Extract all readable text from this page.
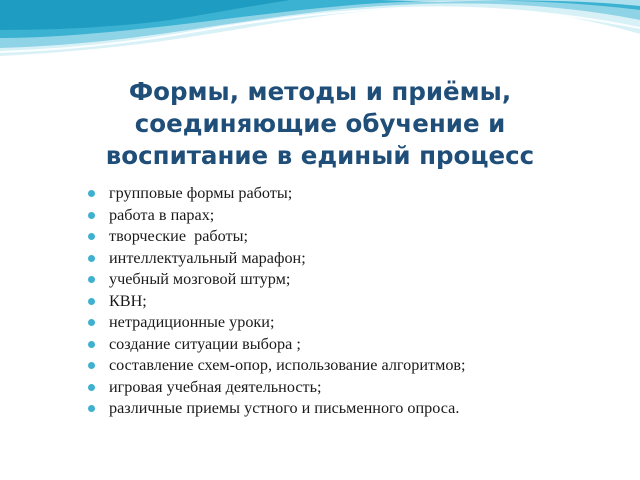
Формы, методы и приёмы,
соединяющие обучение и
воспитание в единый процесс
групповые формы работы;
работа в парах;
творческие  работы;
интеллектуальный марафон;
учебный мозговой штурм;
КВН;
нетрадиционные уроки;
создание ситуации выбора ;
составление схем-опор, использование алгоритмов;
игровая учебная деятельность;
различные приемы устного и письменного опроса.
